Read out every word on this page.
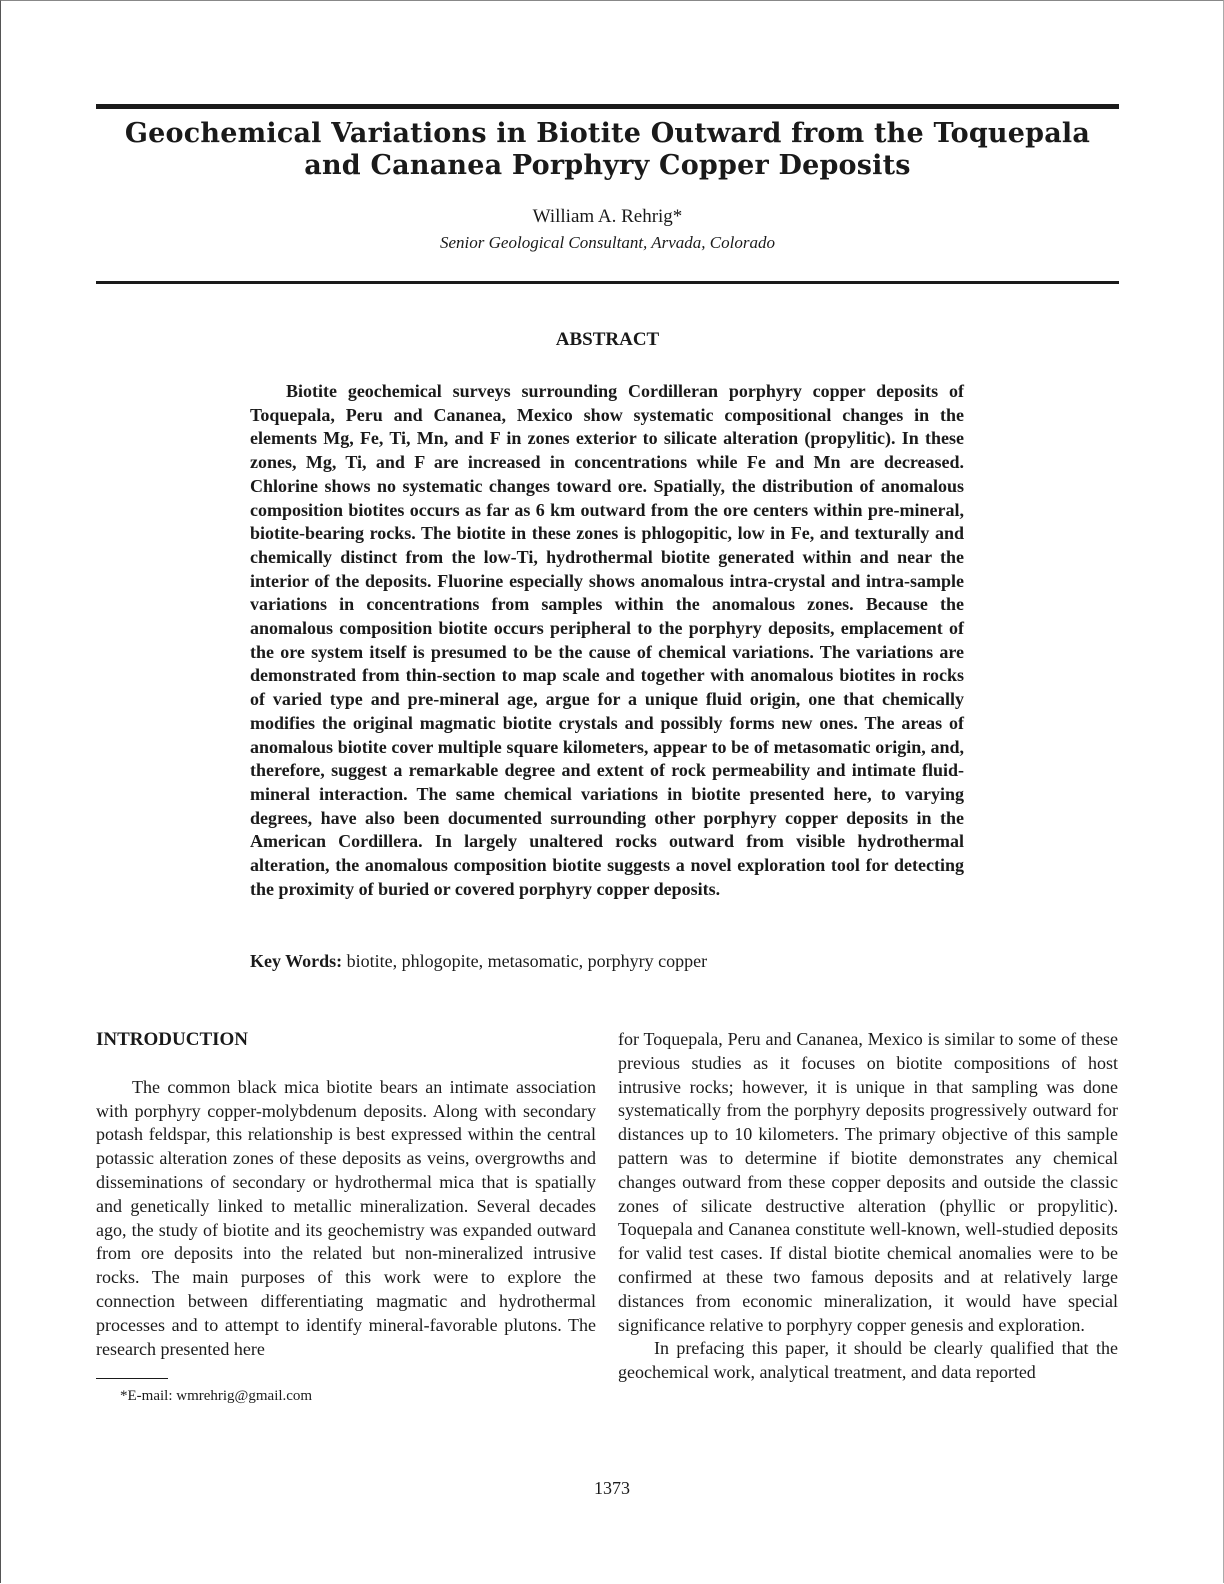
Geochemical Variations in Biotite Outward from the Toquepala
and Cananea Porphyry Copper Deposits
William A. Rehrig*
Senior Geological Consultant, Arvada, Colorado
ABSTRACT

Biotite geochemical surveys surrounding Cordilleran porphyry copper deposits of Toquepala, Peru and Cananea, Mexico show systematic compositional changes in the elements Mg, Fe, Ti, Mn, and F in zones exterior to silicate alteration (propylitic). In these zones, Mg, Ti, and F are increased in concentrations while Fe and Mn are decreased. Chlorine shows no systematic changes toward ore. Spatially, the distribution of anomalous composition biotites occurs as far as 6 km outward from the ore centers within pre-mineral, biotite-bearing rocks. The biotite in these zones is phlogopitic, low in Fe, and texturally and chemically distinct from the low-Ti, hydrothermal biotite generated within and near the interior of the deposits. Fluorine especially shows anomalous intra-crystal and intra-sample variations in concentrations from samples within the anomalous zones. Because the anomalous composition biotite occurs peripheral to the porphyry deposits, emplacement of the ore system itself is presumed to be the cause of chemical variations. The variations are demonstrated from thin-section to map scale and together with anomalous biotites in rocks of varied type and pre-mineral age, argue for a unique fluid origin, one that chemically modifies the original magmatic biotite crystals and possibly forms new ones. The areas of anomalous biotite cover multiple square kilometers, appear to be of metasomatic origin, and, therefore, suggest a remarkable degree and extent of rock permeability and intimate fluid-mineral interaction. The same chemical variations in biotite presented here, to varying degrees, have also been documented surrounding other porphyry copper deposits in the American Cordillera. In largely unaltered rocks outward from visible hydrothermal alteration, the anomalous composition biotite suggests a novel exploration tool for detecting the proximity of buried or covered porphyry copper deposits.

Key Words: biotite, phlogopite, metasomatic, porphyry copper
INTRODUCTION

The common black mica biotite bears an intimate association with porphyry copper-molybdenum deposits. Along with secondary potash feldspar, this relationship is best expressed within the central potassic alteration zones of these deposits as veins, overgrowths and disseminations of secondary or hydrothermal mica that is spatially and genetically linked to metallic mineralization. Several decades ago, the study of biotite and its geochemistry was expanded outward from ore deposits into the related but non-mineralized intrusive rocks. The main purposes of this work were to explore the connection between differentiating magmatic and hydrothermal processes and to attempt to identify mineral-favorable plutons. The research presented here

for Toquepala, Peru and Cananea, Mexico is similar to some of these previous studies as it focuses on biotite compositions of host intrusive rocks; however, it is unique in that sampling was done systematically from the porphyry deposits progressively outward for distances up to 10 kilometers. The primary objective of this sample pattern was to determine if biotite demonstrates any chemical changes outward from these copper deposits and outside the classic zones of silicate destructive alteration (phyllic or propylitic). Toquepala and Cananea constitute well-known, well-studied deposits for valid test cases. If distal biotite chemical anomalies were to be confirmed at these two famous deposits and at relatively large distances from economic mineralization, it would have special significance relative to porphyry copper genesis and exploration.

In prefacing this paper, it should be clearly qualified that the geochemical work, analytical treatment, and data reported

*E-mail: wmrehrig@gmail.com
1373
